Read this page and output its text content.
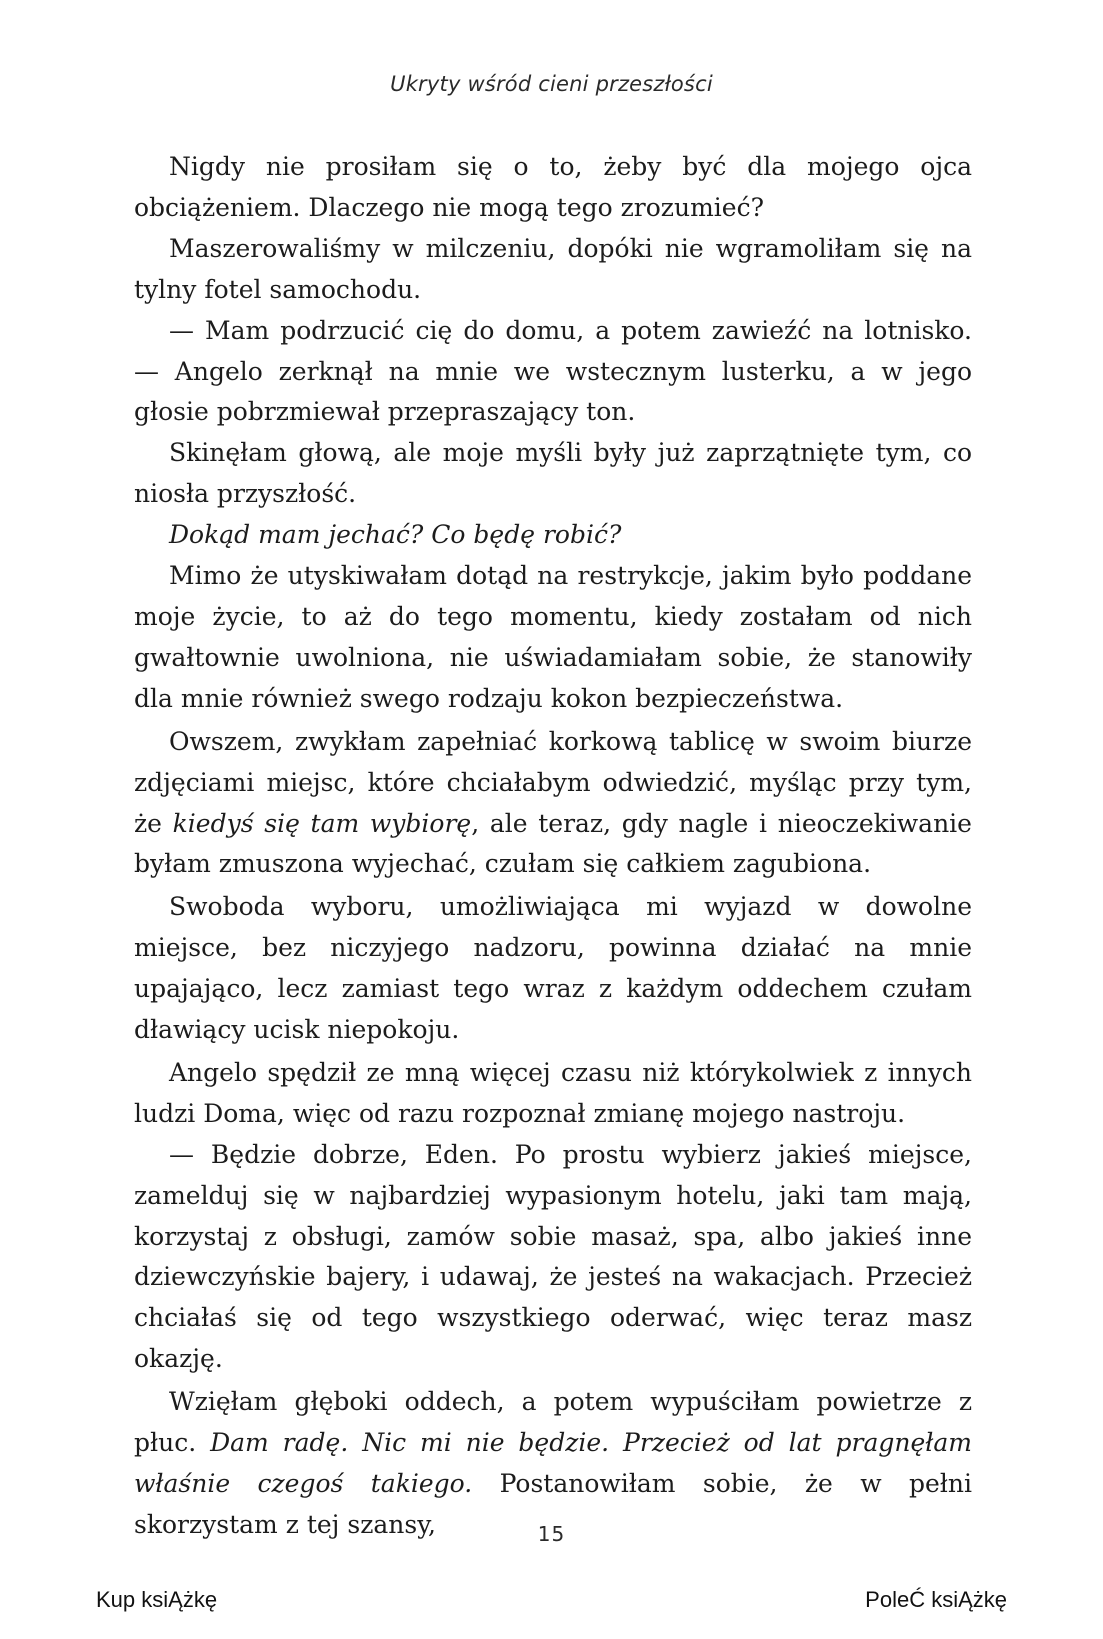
Ukryty wśród cieni przeszłości

Nigdy nie prosiłam się o to, żeby być dla mojego ojca obciążeniem. Dlaczego nie mogą tego zrozumieć?

Maszerowaliśmy w milczeniu, dopóki nie wgramoliłam się na tylny fotel samochodu.

— Mam podrzucić cię do domu, a potem zawieźć na lotnisko. — Angelo zerknął na mnie we wstecznym lusterku, a w jego głosie pobrzmiewał przepraszający ton.

Skinęłam głową, ale moje myśli były już zaprzątnięte tym, co niosła przyszłość.

Dokąd mam jechać? Co będę robić?

Mimo że utyskiwałam dotąd na restrykcje, jakim było poddane moje życie, to aż do tego momentu, kiedy zostałam od nich gwałtownie uwolniona, nie uświadamiałam sobie, że stanowiły dla mnie również swego rodzaju kokon bezpieczeństwa.

Owszem, zwykłam zapełniać korkową tablicę w swoim biurze zdjęciami miejsc, które chciałabym odwiedzić, myśląc przy tym, że kiedyś się tam wybiorę, ale teraz, gdy nagle i nieoczekiwanie byłam zmuszona wyjechać, czułam się całkiem zagubiona.

Swoboda wyboru, umożliwiająca mi wyjazd w dowolne miejsce, bez niczyjego nadzoru, powinna działać na mnie upajająco, lecz zamiast tego wraz z każdym oddechem czułam dławiący ucisk niepokoju.

Angelo spędził ze mną więcej czasu niż którykolwiek z innych ludzi Doma, więc od razu rozpoznał zmianę mojego nastroju.

— Będzie dobrze, Eden. Po prostu wybierz jakieś miejsce, zamelduj się w najbardziej wypasionym hotelu, jaki tam mają, korzystaj z obsługi, zamów sobie masaż, spa, albo jakieś inne dziewczyńskie bajery, i udawaj, że jesteś na wakacjach. Przecież chciałaś się od tego wszystkiego oderwać, więc teraz masz okazję.

Wzięłam głęboki oddech, a potem wypuściłam powietrze z płuc. Dam radę. Nic mi nie będzie. Przecież od lat pragnęłam właśnie czegoś takiego. Postanowiłam sobie, że w pełni skorzystam z tej szansy,	15
Kup ksiĄżkę	PoleĆ ksiĄżkę
